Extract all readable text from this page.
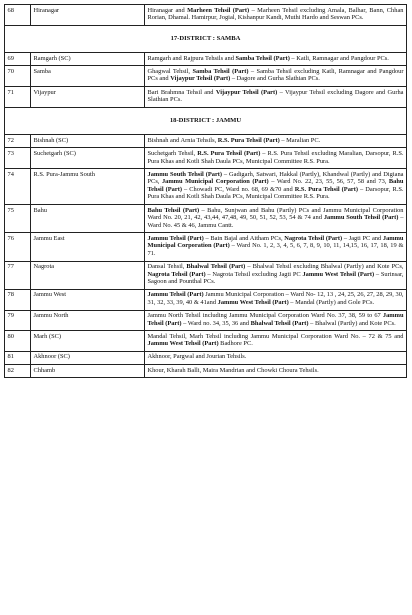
68	Hiranagar	Hiranagar and Marheen Tehsil (Part) – Marheen Tehsil excluding Amala, Balhar, Bann, Chhan Rorian, Dhamal. Hamirpur, Jogial, Kishanpur Kandi, Muthi Hardo and Seswan PCs.
17-DISTRICT : SAMBA		
69	Ramgarh (SC)	Ramgarh and Rajpura Tehsils and Samba Tehsil (Part) – Katli, Ramnagar and Pangdour PCs.
70	Samba	Ghagwal Tehsil, Samba Tehsil (Part) – Samba Tehsil excluding Katli, Ramnagar and Pangdour PCs and Vijaypur Tehsil (Part) – Dagore and Gurha Slathian PCs.
71	Vijaypur	Bari Brahmna Tehsil and Vijaypur Tehsil (Part) – Vijaypur Tehsil excluding Dagore and Gurha Slathian PCs.
18-DISTRICT : JAMMU		
72	Bishnah (SC)	Bishnah and Arnia Tehsils, R.S. Pura Tehsil (Part) – Maralian PC.
73	Suchetgarh (SC)	Suchetgarh Tehsil, R.S. Pura Tehsil (Part) – R.S. Pura Tehsil excluding Maralian, Darsopur, R.S. Pura Khas and Kotli Shah Daula PCs, Municipal Committee R.S. Pura.
74	R.S. Pura-Jammu South	Jammu South Tehsil (Part) – Gadigarh, Satwari, Hakkal (Partly), Khandwal (Partly) and Digiana PCs, Jammu Municipal Corporation (Part) – Ward No. 22, 23, 55, 56, 57, 58 and 73, Bahu Tehsil (Part) – Chowadi PC, Ward no. 68, 69 &70 and R.S. Pura Tehsil (Part) – Darsopur, R.S. Pura Khas and Kotli Shah Daula PCs, Municipal Committee R.S. Pura.
75	Bahu	Bahu Tehsil (Part) – Bahu, Sunjwan and Bahu (Partly) PCs and Jammu Municipal Corporation Ward No. 20, 21, 42, 43,44, 47,48, 49, 50, 51, 52, 53, 54 & 74 and Jammu South Tehsil (Part) – Ward No. 45 & 46, Jammu Cantt.
76	Jammu East	Jammu Tehsil (Part) – Bain Bajal and Aitham PCs, Nagrota Tehsil (Part) – Jagti PC and Jammu Municipal Corporation (Part) – Ward No. 1, 2, 3, 4, 5, 6, 7, 8, 9, 10, 11, 14,15, 16, 17, 18, 19 & 71.
77	Nagrota	Dansal Tehsil, Bhalwal Tehsil (Part) – Bhalwal Tehsil excluding Bhalwal (Partly) and Kote PCs, Nagrota Tehsil (Part) – Nagrota Tehsil excluding Jagti PC Jammu West Tehsil (Part) – Surinsar, Sagoon and Pounthal PCs.
78	Jammu West	Jammu Tehsil (Part) Jammu Municipal Corporation – Ward No- 12, 13 , 24, 25, 26, 27, 28, 29, 30, 31, 32, 33, 39, 40 & 41and Jammu West Tehsil (Part) – Mandal (Partly) and Gole PCs.
79	Jammu North	Jammu North Tehsil including Jammu Municipal Corporation Ward No. 37, 38, 59 to 67 Jammu Tehsil (Part) – Ward no. 34, 35, 36 and Bhalwal Tehsil (Part) – Bhalwal (Partly) and Kote PCs.
80	Marh (SC)	Mandal Tehsil, Marh Tehsil including Jammu Municipal Corporation Ward No. – 72 & 75 and Jammu West Tehsil (Part) Badhore PC.
81	Akhnoor (SC)	Akhnoor, Pargwal and Jourian Tehsils.
82	Chhamb	Khour, Kharah Balli, Maira Mandrian and Chowki Choura Tehsils.
